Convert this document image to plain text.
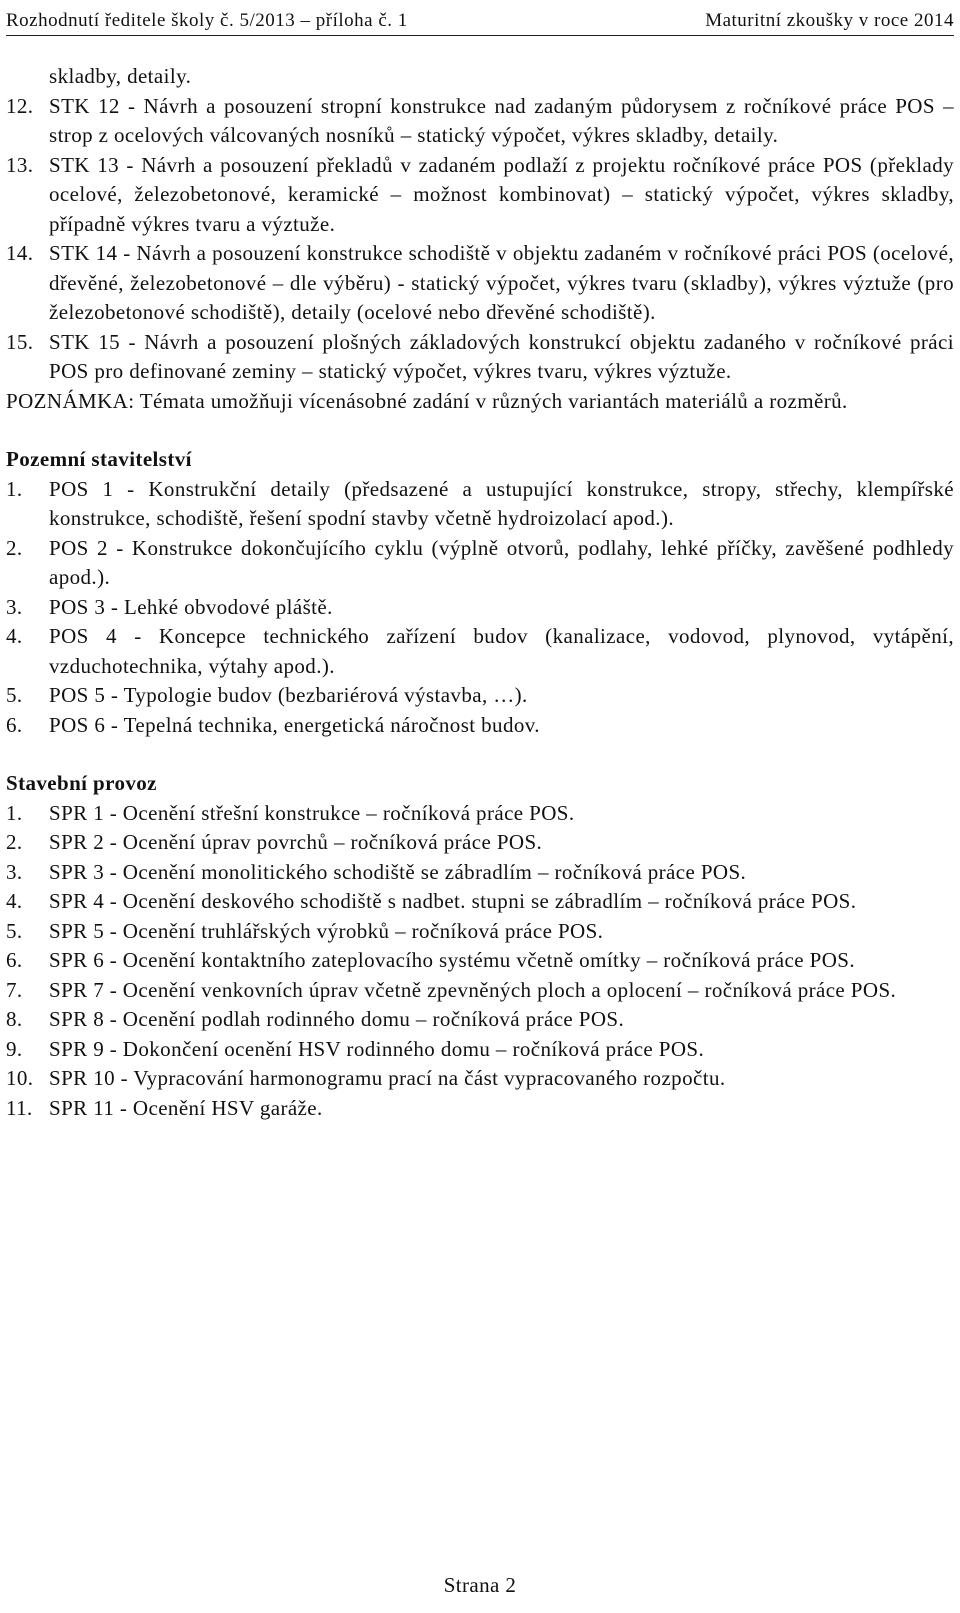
Rozhodnutí ředitele školy č. 5/2013 – příloha č. 1	Maturitní zkoušky v roce 2014
skladby, detaily.
12. STK 12 - Návrh a posouzení stropní konstrukce nad zadaným půdorysem z ročníkové práce POS – strop z ocelových válcovaných nosníků – statický výpočet, výkres skladby, detaily.
13. STK 13 - Návrh a posouzení překladů v zadaném podlaží z projektu ročníkové práce POS (překlady ocelové, železobetonové, keramické – možnost kombinovat) – statický výpočet, výkres skladby, případně výkres tvaru a výztuže.
14. STK 14 - Návrh a posouzení konstrukce schodiště v objektu zadaném v ročníkové práci POS (ocelové, dřevěné, železobetonové – dle výběru) - statický výpočet, výkres tvaru (skladby), výkres výztuže (pro železobetonové schodiště), detaily (ocelové nebo dřevěné schodiště).
15. STK 15 - Návrh a posouzení plošných základových konstrukcí objektu zadaného v ročníkové práci POS pro definované zeminy – statický výpočet, výkres tvaru, výkres výztuže.
POZNÁMKA: Témata umožňuji vícenásobné zadání v různých variantách materiálů a rozměrů.
Pozemní stavitelství
1.	POS 1 - Konstrukční detaily (předsazené a ustupující konstrukce, stropy, střechy, klempířské konstrukce, schodiště, řešení spodní stavby včetně hydroizolací apod.).
2.	POS 2 - Konstrukce dokončujícího cyklu (výplně otvorů, podlahy, lehké příčky, zavěšené podhledy apod.).
3.	POS 3 - Lehké obvodové pláště.
4.	POS 4 - Koncepce technického zařízení budov (kanalizace, vodovod, plynovod, vytápění, vzduchotechnika, výtahy apod.).
5.	POS 5 - Typologie budov (bezbariérová výstavba, …).
6.	POS 6 - Tepelná technika, energetická náročnost budov.
Stavební provoz
1.	SPR 1 - Ocenění střešní konstrukce – ročníková práce POS.
2.	SPR 2 - Ocenění úprav povrchů – ročníková práce POS.
3.	SPR 3 - Ocenění monolitického schodiště se zábradlím – ročníková práce POS.
4.	SPR 4 - Ocenění deskového schodiště s nadbet. stupni se zábradlím – ročníková práce POS.
5.	SPR 5 - Ocenění truhlářských výrobků – ročníková práce POS.
6.	SPR 6 - Ocenění kontaktního zateplovacího systému včetně omítky – ročníková práce POS.
7.	SPR 7 - Ocenění venkovních úprav včetně zpevněných ploch a oplocení – ročníková práce POS.
8.	SPR 8 - Ocenění podlah rodinného domu – ročníková práce POS.
9.	SPR 9 - Dokončení ocenění HSV rodinného domu – ročníková práce POS.
10. SPR 10 - Vypracování harmonogramu prací na část vypracovaného rozpočtu.
11. SPR 11 - Ocenění HSV garáže.
Strana 2
